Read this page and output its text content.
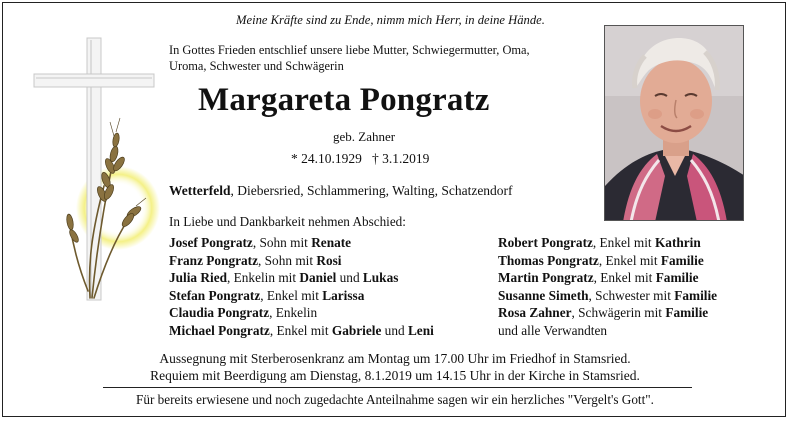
Meine Kräfte sind zu Ende, nimm mich Herr, in deine Hände.
In Gottes Frieden entschlief unsere liebe Mutter, Schwiegermutter, Oma,
Uroma, Schwester und Schwägerin
Margareta Pongratz
geb. Zahner
* 24.10.1929   † 3.1.2019
Wetterfeld, Diebersried, Schlammering, Walting, Schatzendorf
In Liebe und Dankbarkeit nehmen Abschied:
Josef Pongratz, Sohn mit Renate
Franz Pongratz, Sohn mit Rosi
Julia Ried, Enkelin mit Daniel und Lukas
Stefan Pongratz, Enkel mit Larissa
Claudia Pongratz, Enkelin
Michael Pongratz, Enkel mit Gabriele und Leni
Robert Pongratz, Enkel mit Kathrin
Thomas Pongratz, Enkel mit Familie
Martin Pongratz, Enkel mit Familie
Susanne Simeth, Schwester mit Familie
Rosa Zahner, Schwägerin mit Familie
und alle Verwandten
Aussegnung mit Sterberosenkranz am Montag um 17.00 Uhr im Friedhof in Stamsried.
Requiem mit Beerdigung am Dienstag, 8.1.2019 um 14.15 Uhr in der Kirche in Stamsried.
Für bereits erwiesene und noch zugedachte Anteilnahme sagen wir ein herzliches "Vergelt's Gott".
